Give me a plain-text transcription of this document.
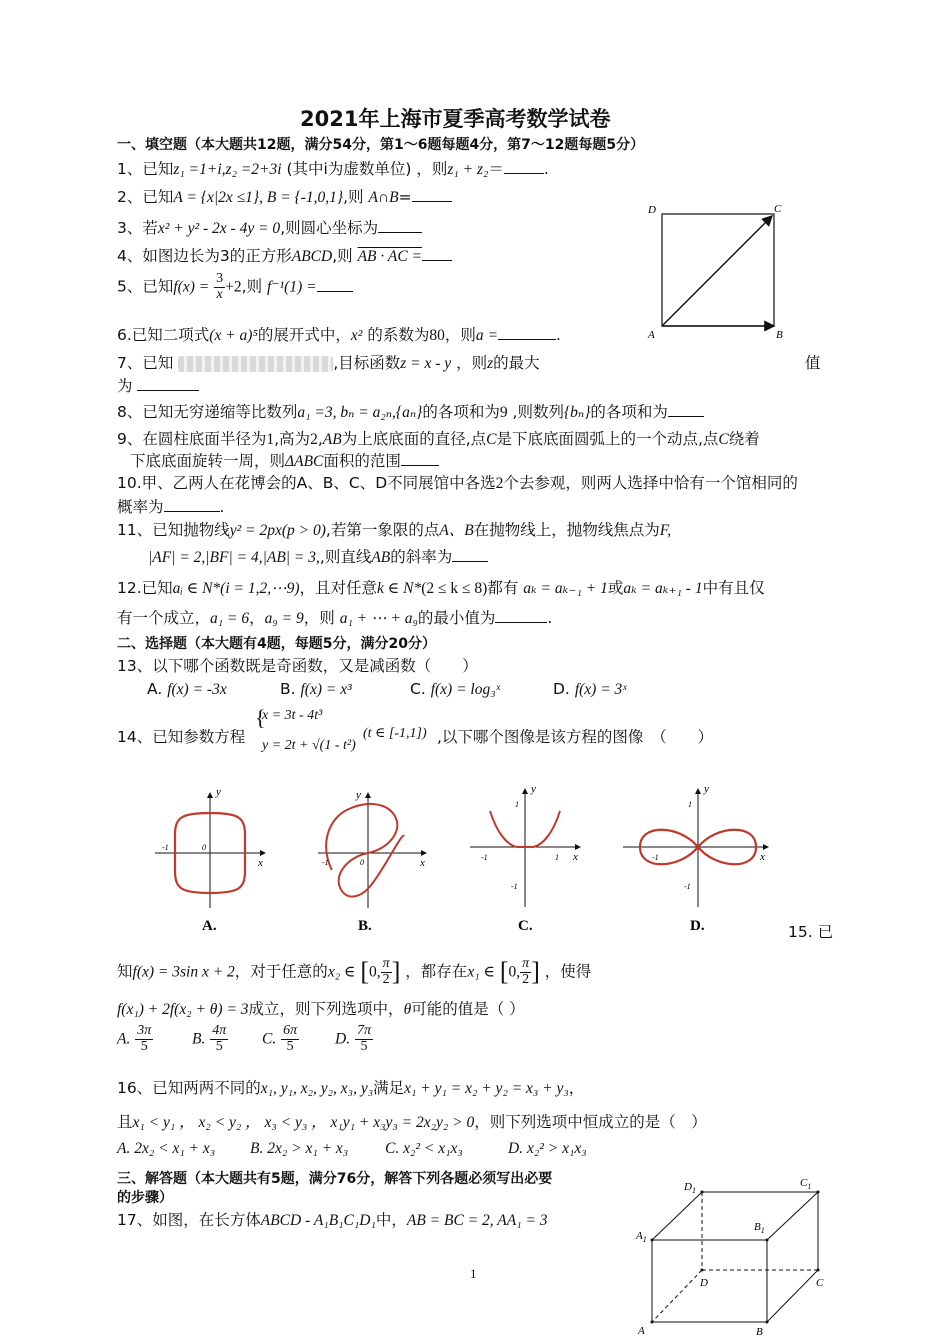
2021年上海市夏季高考数学试卷
一、填空题（本大题共12题，满分54分，第1～6题每题4分，第7～12题每题5分）
1、已知z₁ =1+i,z₂ =2+3i (其中i为虚数单位) ，则z₁ + z₂＝	.
2、已知A = {x|2x ≤1}, B = {-1,0,1},则 A∩B=
3、若x² + y² - 2x - 4y = 0,则圆心坐标为
4、如图边长为3的正方形ABCD,则 AB · AC =
5、已知$f(x) = \frac{3}{x} +2$,则 f⁻¹(1) =
6.已知二项式(x + a)⁵的展开式中，x² 的系数为80，则a =	.
7、已知	,目标函数z = x - y ，则z的最大	值
为
8、已知无穷递缩等比数列a₁ =3, bₙ = a₂ₙ,{aₙ}的各项和为9 ,则数列{bₙ}的各项和为
9、在圆柱底面半径为1,高为2,AB为上底底面的直径,点C是下底底面圆弧上的一个动点,点C绕着
下底底面旋转一周，则ΔABC面积的范围
10.甲、乙两人在花博会的A、B、C、D不同展馆中各选2个去参观，则两人选择中恰有一个馆相同的
概率为	.
11、已知抛物线y² = 2px(p > 0),若第一象限的点A、B在抛物线上，抛物线焦点为F,
|AF| = 2,|BF| = 4,|AB| = 3,,则直线AB的斜率为
12.已知aᵢ ∈ N*(i = 1,2,⋯9)，且对任意k ∈ N*(2 ≤ k ≤ 8)都有 aₖ = aₖ₋₁ + 1或aₖ = aₖ₊₁ - 1中有且仅
有一个成立，a₁ = 6，a₉ = 9，则 a₁ + ⋯ + a₉的最小值为	.
二、选择题（本大题有4题，每题5分，满分20分）
13、以下哪个函数既是奇函数，又是减函数（　　）
A. f(x) = -3x	B. f(x) = x³	C. f(x) = log₃ˣ	D. f(x) = 3ˣ
14、已知参数方程
{
x = 3t - 4t³
y = 2t + √(1 - t²)
(t ∈ [-1,1]) ,以下哪个图像是该方程的图像　（　　）
y
x
-1	0
A.
y
x
-1	0
B.
y
x
1
-1	1
-1
C.
y
x
1
-1
-1
D.	15. 已
知f(x) = 3sin x + 2，对于任意的x₂ ∈ [0, $\frac{\pi}{2}$ ] ，都存在x₁ ∈ [0, $\frac{\pi}{2}$ ] ，使得
f(x₁) + 2f(x₂ + θ) = 3成立，则下列选项中，θ可能的值是（ ）
A. $\frac{3\pi}{5} B$. $\frac{4\pi}{5} C$. $\frac{6\pi}{5} D$. $\frac{7\pi}{5}$
16、已知两两不同的x₁, y₁, x₂, y₂, x₃, y₃满足x₁ + y₁ = x₂ + y₂ = x₃ + y₃，
且x₁ < y₁ ， x₂ < y₂ ， x₃ < y₃ ， x₁y₁ + x₃y₃ = 2x₂y₂ > 0，则下列选项中恒成立的是（　）
A. 2x₂ < x₁ + x₃ B. 2x₂ > x₁ + x₃ C. x₂² < x₁x₃	D. x₂² > x₁x₃
三、解答题（本大题共有5题，满分76分，解答下列各题必须写出必要
的步骤）
17、如图，在长方体ABCD - A₁B₁C₁D₁中，AB = BC = 2, AA₁ = 3
1
D	C
A	B
$D_1$
$C_1$
$A_1$
$B_1$
D	C
A	B
